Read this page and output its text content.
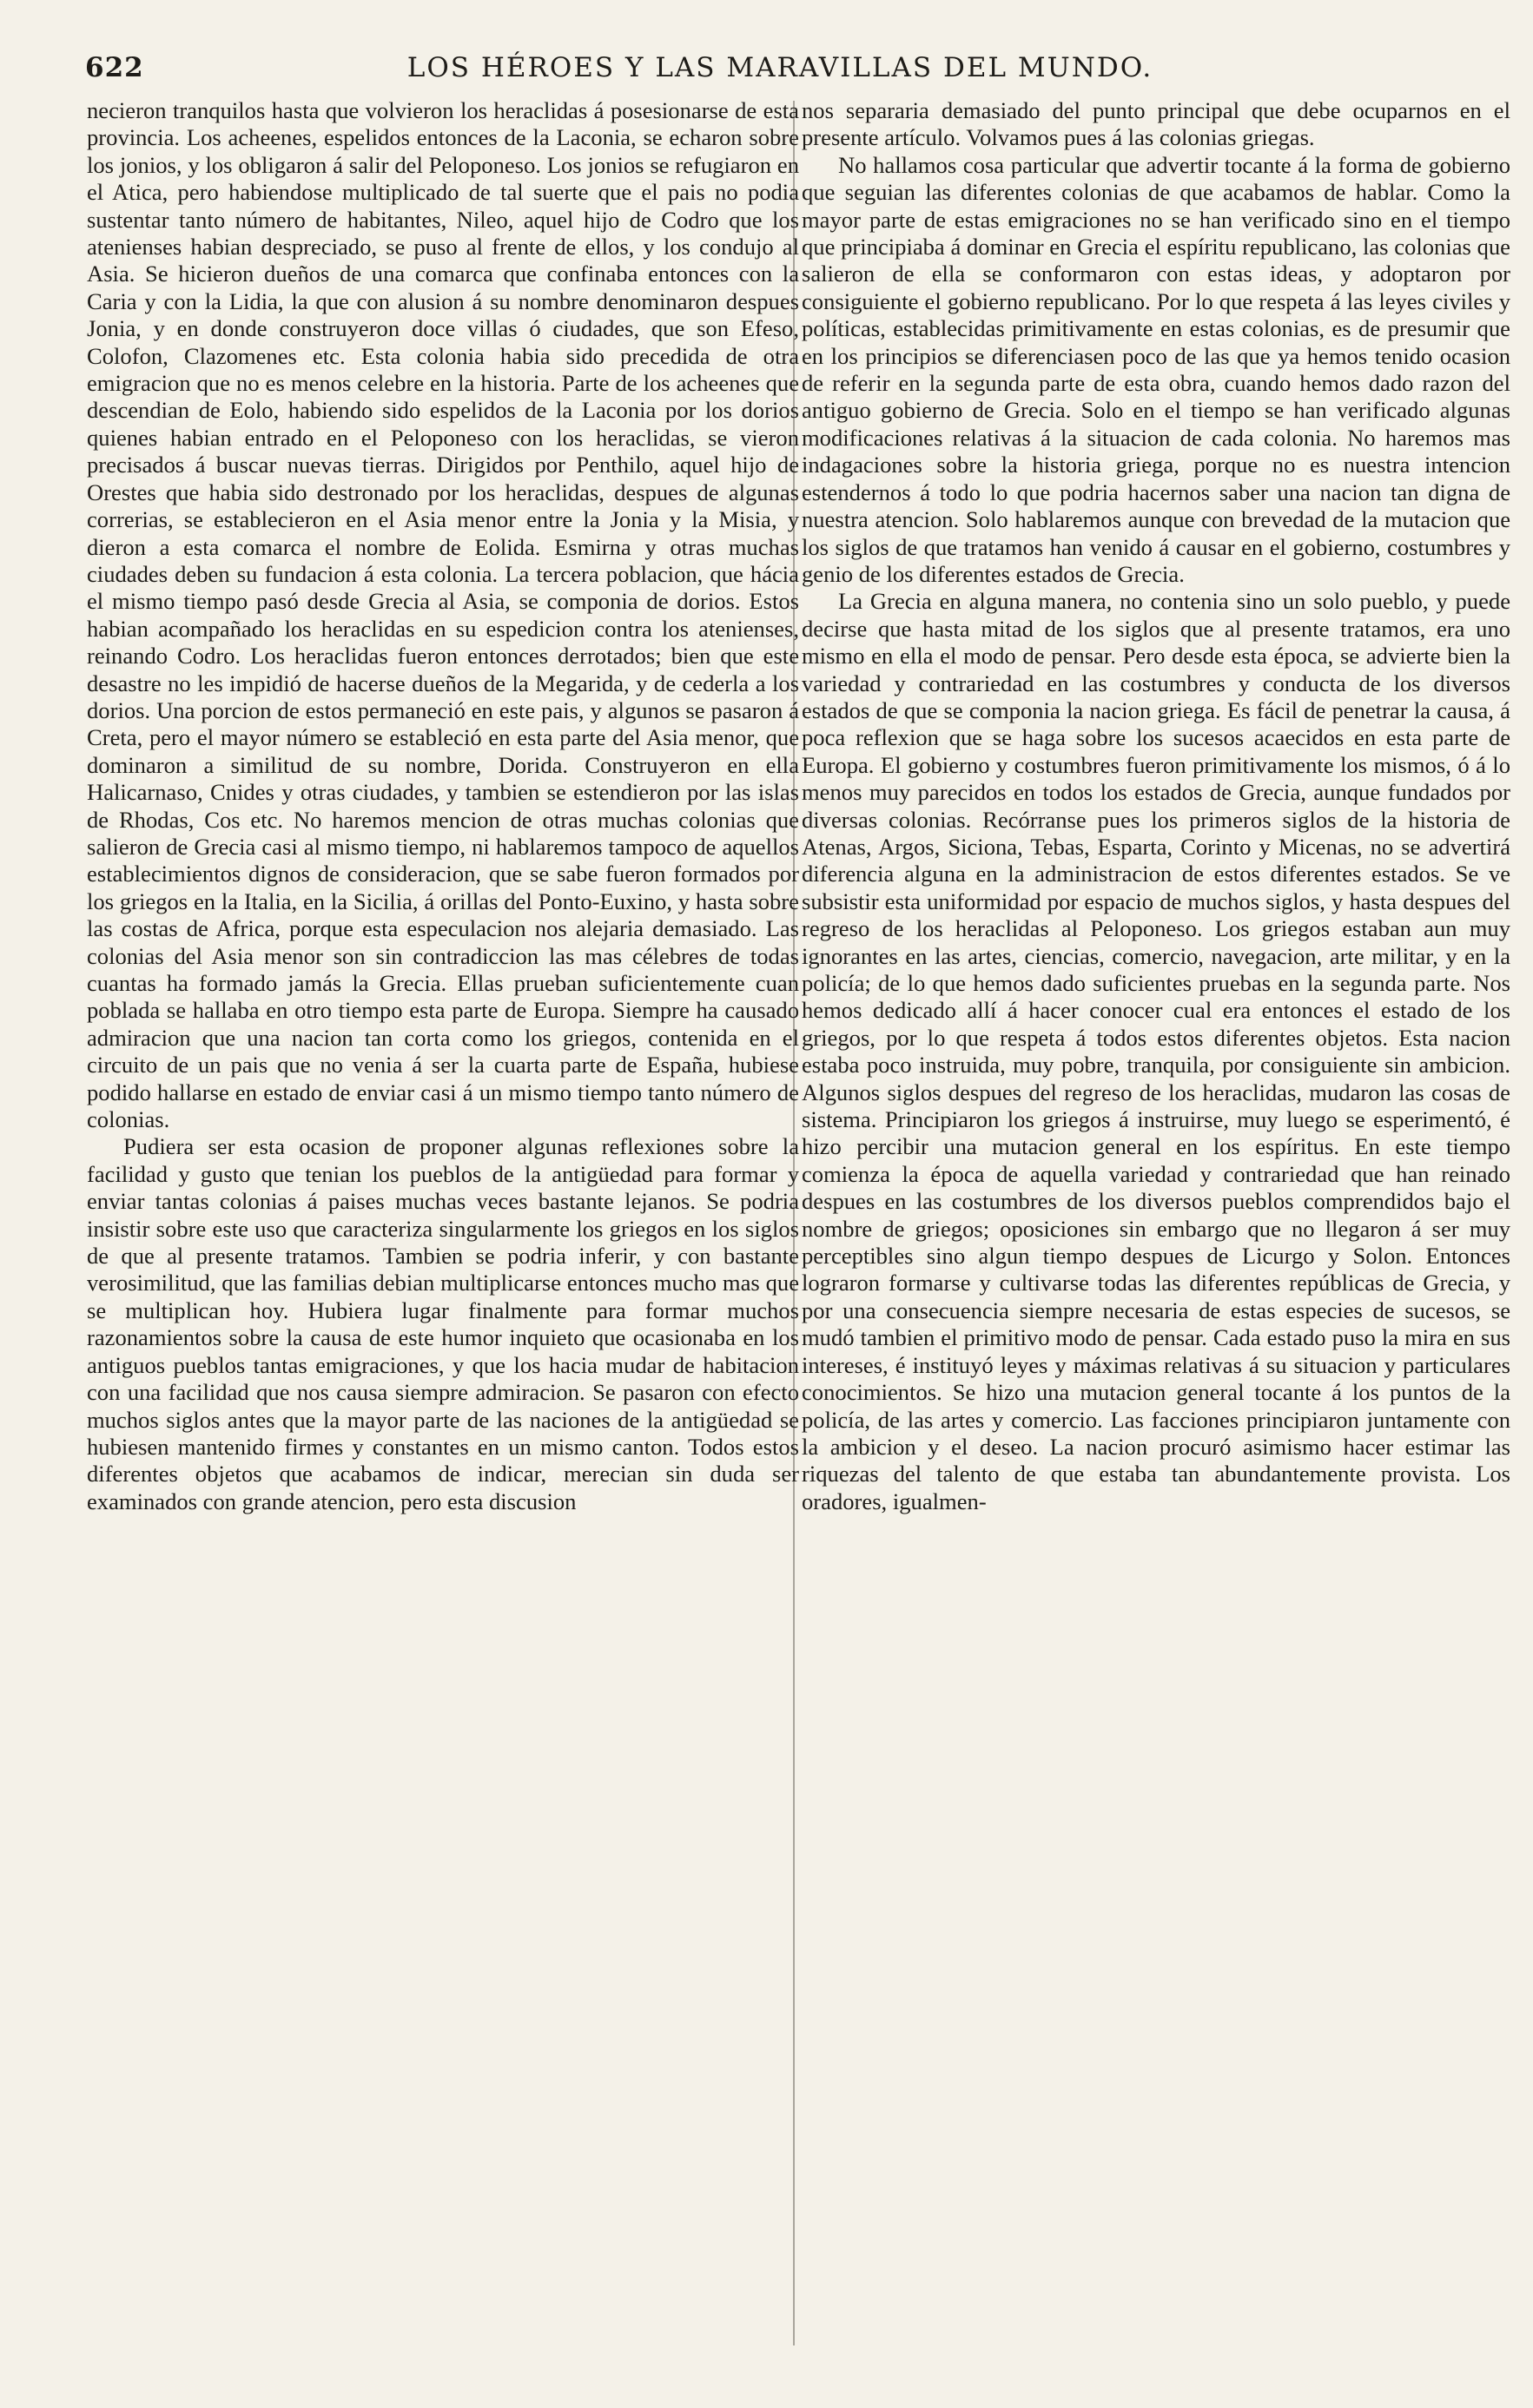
622	LOS HÉROES Y LAS MARAVILLAS DEL MUNDO.

necieron tranquilos hasta que volvieron los heraclidas á posesionarse de esta provincia. Los acheenes, espelidos entonces de la Laconia, se echaron sobre los jonios, y los obligaron á salir del Peloponeso. Los jonios se refugiaron en el Atica, pero habiendose multiplicado de tal suerte que el pais no podia sustentar tanto número de habitantes, Nileo, aquel hijo de Codro que los atenienses habian despreciado, se puso al frente de ellos, y los condujo al Asia. Se hicieron dueños de una comarca que confinaba entonces con la Caria y con la Lidia, la que con alusion á su nombre denominaron despues Jonia, y en donde construyeron doce villas ó ciudades, que son Efeso, Colofon, Clazomenes etc. Esta colonia habia sido precedida de otra emigracion que no es menos celebre en la historia. Parte de los acheenes que descendian de Eolo, habiendo sido espelidos de la Laconia por los dorios quienes habian entrado en el Peloponeso con los heraclidas, se vieron precisados á buscar nuevas tierras. Dirigidos por Penthilo, aquel hijo de Orestes que habia sido destronado por los heraclidas, despues de algunas correrias, se establecieron en el Asia menor entre la Jonia y la Misia, y dieron a esta comarca el nombre de Eolida. Esmirna y otras muchas ciudades deben su fundacion á esta colonia. La tercera poblacion, que hácia el mismo tiempo pasó desde Grecia al Asia, se componia de dorios. Estos habian acompañado los heraclidas en su espedicion contra los atenienses, reinando Codro. Los heraclidas fueron entonces derrotados; bien que este desastre no les impidió de hacerse dueños de la Megarida, y de cederla a los dorios. Una porcion de estos permaneció en este pais, y algunos se pasaron á Creta, pero el mayor número se estableció en esta parte del Asia menor, que dominaron a similitud de su nombre, Dorida. Construyeron en ella Halicarnaso, Cnides y otras ciudades, y tambien se estendieron por las islas de Rhodas, Cos etc. No haremos mencion de otras muchas colonias que salieron de Grecia casi al mismo tiempo, ni hablaremos tampoco de aquellos establecimientos dignos de consideracion, que se sabe fueron formados por los griegos en la Italia, en la Sicilia, á orillas del Ponto-Euxino, y hasta sobre las costas de Africa, porque esta especulacion nos alejaria demasiado. Las colonias del Asia menor son sin contradiccion las mas célebres de todas cuantas ha formado jamás la Grecia. Ellas prueban suficientemente cuan poblada se hallaba en otro tiempo esta parte de Europa. Siempre ha causado admiracion que una nacion tan corta como los griegos, contenida en el circuito de un pais que no venia á ser la cuarta parte de España, hubiese podido hallarse en estado de enviar casi á un mismo tiempo tanto número de colonias.

Pudiera ser esta ocasion de proponer algunas reflexiones sobre la facilidad y gusto que tenian los pueblos de la antigüedad para formar y enviar tantas colonias á paises muchas veces bastante lejanos. Se podria insistir sobre este uso que caracteriza singularmente los griegos en los siglos de que al presente tratamos. Tambien se podria inferir, y con bastante verosimilitud, que las familias debian multiplicarse entonces mucho mas que se multiplican hoy. Hubiera lugar finalmente para formar muchos razonamientos sobre la causa de este humor inquieto que ocasionaba en los antiguos pueblos tantas emigraciones, y que los hacia mudar de habitacion con una facilidad que nos causa siempre admiracion. Se pasaron con efecto muchos siglos antes que la mayor parte de las naciones de la antigüedad se hubiesen mantenido firmes y constantes en un mismo canton. Todos estos diferentes objetos que acabamos de indicar, merecian sin duda ser examinados con grande atencion, pero esta discusion

nos separaria demasiado del punto principal que debe ocuparnos en el presente artículo. Volvamos pues á las colonias griegas.

No hallamos cosa particular que advertir tocante á la forma de gobierno que seguian las diferentes colonias de que acabamos de hablar. Como la mayor parte de estas emigraciones no se han verificado sino en el tiempo que principiaba á dominar en Grecia el espíritu republicano, las colonias que salieron de ella se conformaron con estas ideas, y adoptaron por consiguiente el gobierno republicano. Por lo que respeta á las leyes civiles y políticas, establecidas primitivamente en estas colonias, es de presumir que en los principios se diferenciasen poco de las que ya hemos tenido ocasion de referir en la segunda parte de esta obra, cuando hemos dado razon del antiguo gobierno de Grecia. Solo en el tiempo se han verificado algunas modificaciones relativas á la situacion de cada colonia. No haremos mas indagaciones sobre la historia griega, porque no es nuestra intencion estendernos á todo lo que podria hacernos saber una nacion tan digna de nuestra atencion. Solo hablaremos aunque con brevedad de la mutacion que los siglos de que tratamos han venido á causar en el gobierno, costumbres y genio de los diferentes estados de Grecia.

La Grecia en alguna manera, no contenia sino un solo pueblo, y puede decirse que hasta mitad de los siglos que al presente tratamos, era uno mismo en ella el modo de pensar. Pero desde esta época, se advierte bien la variedad y contrariedad en las costumbres y conducta de los diversos estados de que se componia la nacion griega. Es fácil de penetrar la causa, á poca reflexion que se haga sobre los sucesos acaecidos en esta parte de Europa. El gobierno y costumbres fueron primitivamente los mismos, ó á lo menos muy parecidos en todos los estados de Grecia, aunque fundados por diversas colonias. Recórranse pues los primeros siglos de la historia de Atenas, Argos, Siciona, Tebas, Esparta, Corinto y Micenas, no se advertirá diferencia alguna en la administracion de estos diferentes estados. Se ve subsistir esta uniformidad por espacio de muchos siglos, y hasta despues del regreso de los heraclidas al Peloponeso. Los griegos estaban aun muy ignorantes en las artes, ciencias, comercio, navegacion, arte militar, y en la policía; de lo que hemos dado suficientes pruebas en la segunda parte. Nos hemos dedicado allí á hacer conocer cual era entonces el estado de los griegos, por lo que respeta á todos estos diferentes objetos. Esta nacion estaba poco instruida, muy pobre, tranquila, por consiguiente sin ambicion. Algunos siglos despues del regreso de los heraclidas, mudaron las cosas de sistema. Principiaron los griegos á instruirse, muy luego se esperimentó, é hizo percibir una mutacion general en los espíritus. En este tiempo comienza la época de aquella variedad y contrariedad que han reinado despues en las costumbres de los diversos pueblos comprendidos bajo el nombre de griegos; oposiciones sin embargo que no llegaron á ser muy perceptibles sino algun tiempo despues de Licurgo y Solon. Entonces lograron formarse y cultivarse todas las diferentes repúblicas de Grecia, y por una consecuencia siempre necesaria de estas especies de sucesos, se mudó tambien el primitivo modo de pensar. Cada estado puso la mira en sus intereses, é instituyó leyes y máximas relativas á su situacion y particulares conocimientos. Se hizo una mutacion general tocante á los puntos de la policía, de las artes y comercio. Las facciones principiaron juntamente con la ambicion y el deseo. La nacion procuró asimismo hacer estimar las riquezas del talento de que estaba tan abundantemente provista. Los oradores, igualmen-
